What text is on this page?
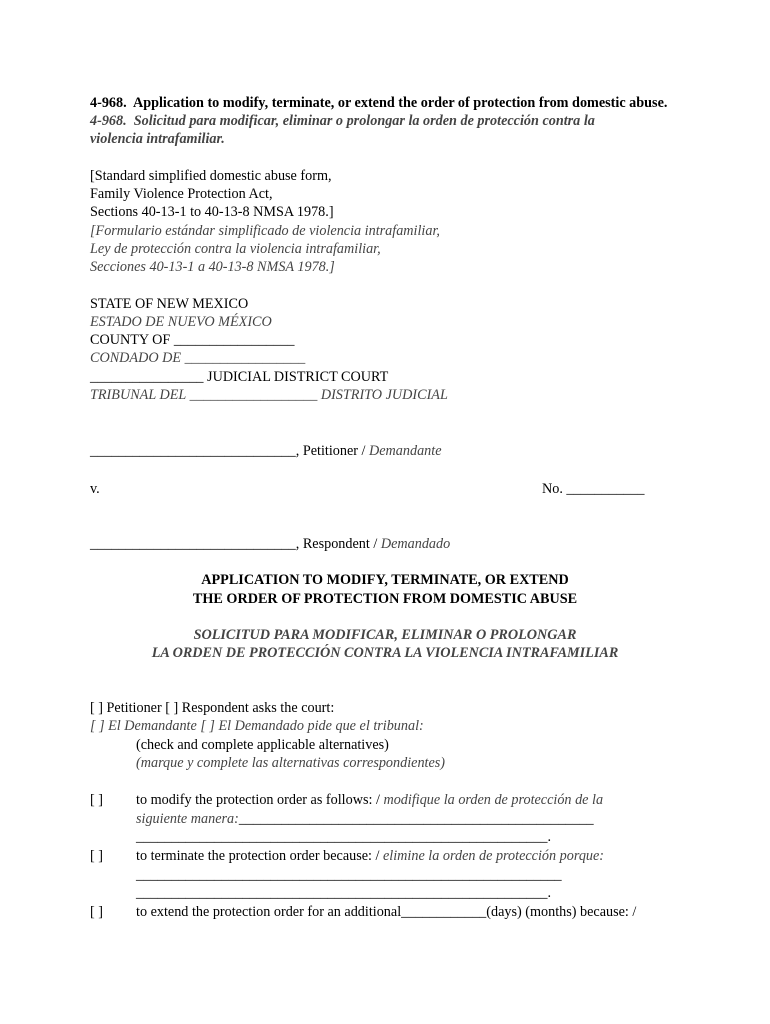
4-968.  Application to modify, terminate, or extend the order of protection from domestic abuse.
4-968.  Solicitud para modificar, eliminar o prolongar la orden de protección contra la
violencia intrafamiliar.
[Standard simplified domestic abuse form,
Family Violence Protection Act,
Sections 40-13-1 to 40-13-8 NMSA 1978.]
[Formulario estándar simplificado de violencia intrafamiliar,
Ley de protección contra la violencia intrafamiliar,
Secciones 40-13-1 a 40-13-8 NMSA 1978.]
STATE OF NEW MEXICO
ESTADO DE NUEVO MÉXICO
COUNTY OF _________________
CONDADO DE _________________
________________ JUDICIAL DISTRICT COURT
TRIBUNAL DEL __________________ DISTRITO JUDICIAL
_____________________________, Petitioner / Demandante
v.	No. ___________
_____________________________, Respondent / Demandado
APPLICATION TO MODIFY, TERMINATE, OR EXTEND
THE ORDER OF PROTECTION FROM DOMESTIC ABUSE
SOLICITUD PARA MODIFICAR, ELIMINAR O PROLONGAR
LA ORDEN DE PROTECCIÓN CONTRA LA VIOLENCIA INTRAFAMILIAR
[ ] Petitioner [ ] Respondent asks the court:
[ ] El Demandante [ ] El Demandado pide que el tribunal:
(check and complete applicable alternatives)
(marque y complete las alternativas correspondientes)
[ ] to modify the protection order as follows: / modifique la orden de protección de la
siguiente manera:__________________________________________________
__________________________________________________________.
[ ] to terminate the protection order because: / elimine la orden de protección porque:
____________________________________________________________
__________________________________________________________.
[ ] to extend the protection order for an additional____________(days) (months) because: /
